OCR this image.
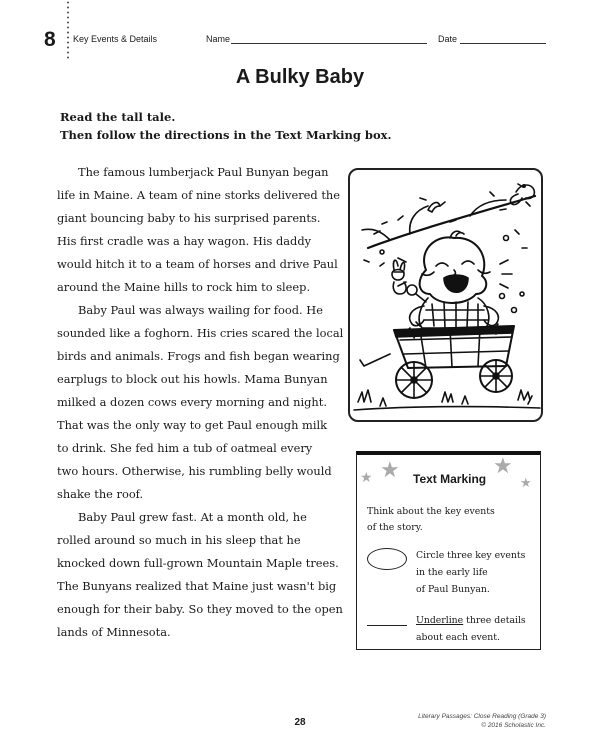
8 Key Events & Details	Name	Date
A Bulky Baby
Read the tall tale.
Then follow the directions in the Text Marking box.

The famous lumberjack Paul Bunyan began
life in Maine. A team of nine storks delivered the
giant bouncing baby to his surprised parents.
His first cradle was a hay wagon. His daddy
would hitch it to a team of horses and drive Paul
around the Maine hills to rock him to sleep.

Baby Paul was always wailing for food. He
sounded like a foghorn. His cries scared the local
birds and animals. Frogs and fish began wearing
earplugs to block out his howls. Mama Bunyan
milked a dozen cows every morning and night.
That was the only way to get Paul enough milk
to drink. She fed him a tub of oatmeal every
two hours. Otherwise, his rumbling belly would
shake the roof.

Baby Paul grew fast. At a month old, he
rolled around so much in his sleep that he
knocked down full-grown Mountain Maple trees.
The Bunyans realized that Maine just wasn't big
enough for their baby. So they moved to the open
lands of Minnesota.

★ ★	★
★
Text Marking
Think about the key events
of the story.
Circle three key events
in the early life
of Paul Bunyan.
Underline three details
about each event.
28
Literary Passages: Close Reading (Grade 3)
© 2016 Scholastic Inc.
